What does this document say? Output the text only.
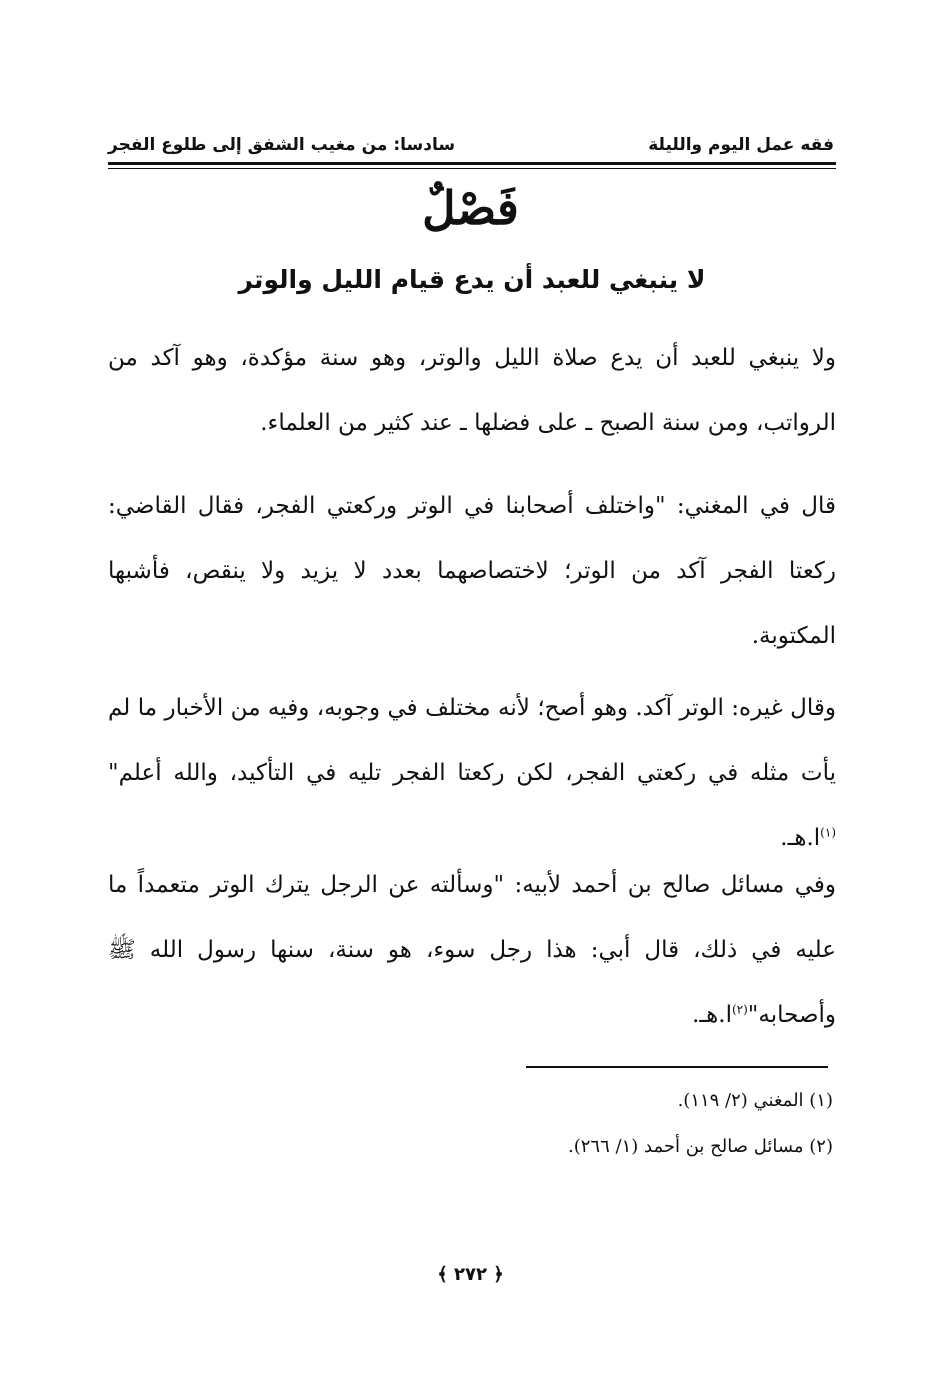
فقه عمل اليوم والليلة
سادسا: من مغيب الشفق إلى طلوع الفجر
فَصْلٌ
لا ينبغي للعبد أن يدع قيام الليل والوتر

ولا ينبغي للعبد أن يدع صلاة الليل والوتر، وهو سنة مؤكدة، وهو آكد من الرواتب، ومن سنة الصبح ـ على فضلها ـ عند كثير من العلماء.

قال في المغني: "واختلف أصحابنا في الوتر وركعتي الفجر، فقال القاضي: ركعتا الفجر آكد من الوتر؛ لاختصاصهما بعدد لا يزيد ولا ينقص، فأشبها المكتوبة.

وقال غيره: الوتر آكد. وهو أصح؛ لأنه مختلف في وجوبه، وفيه من الأخبار ما لم يأت مثله في ركعتي الفجر، لكن ركعتا الفجر تليه في التأكيد، والله أعلم"$^{(١)}$ا.هـ.

وفي مسائل صالح بن أحمد لأبيه: "وسألته عن الرجل يترك الوتر متعمداً ما عليه في ذلك، قال أبي: هذا رجل سوء، هو سنة، سنها رسول الله ﷺ وأصحابه"$^{(٢)}$ا.هـ.

(١) المغني (٢/ ١١٩).
(٢) مسائل صالح بن أحمد (١/ ٢٦٦).
﴿ ٢٧٢ ﴾
